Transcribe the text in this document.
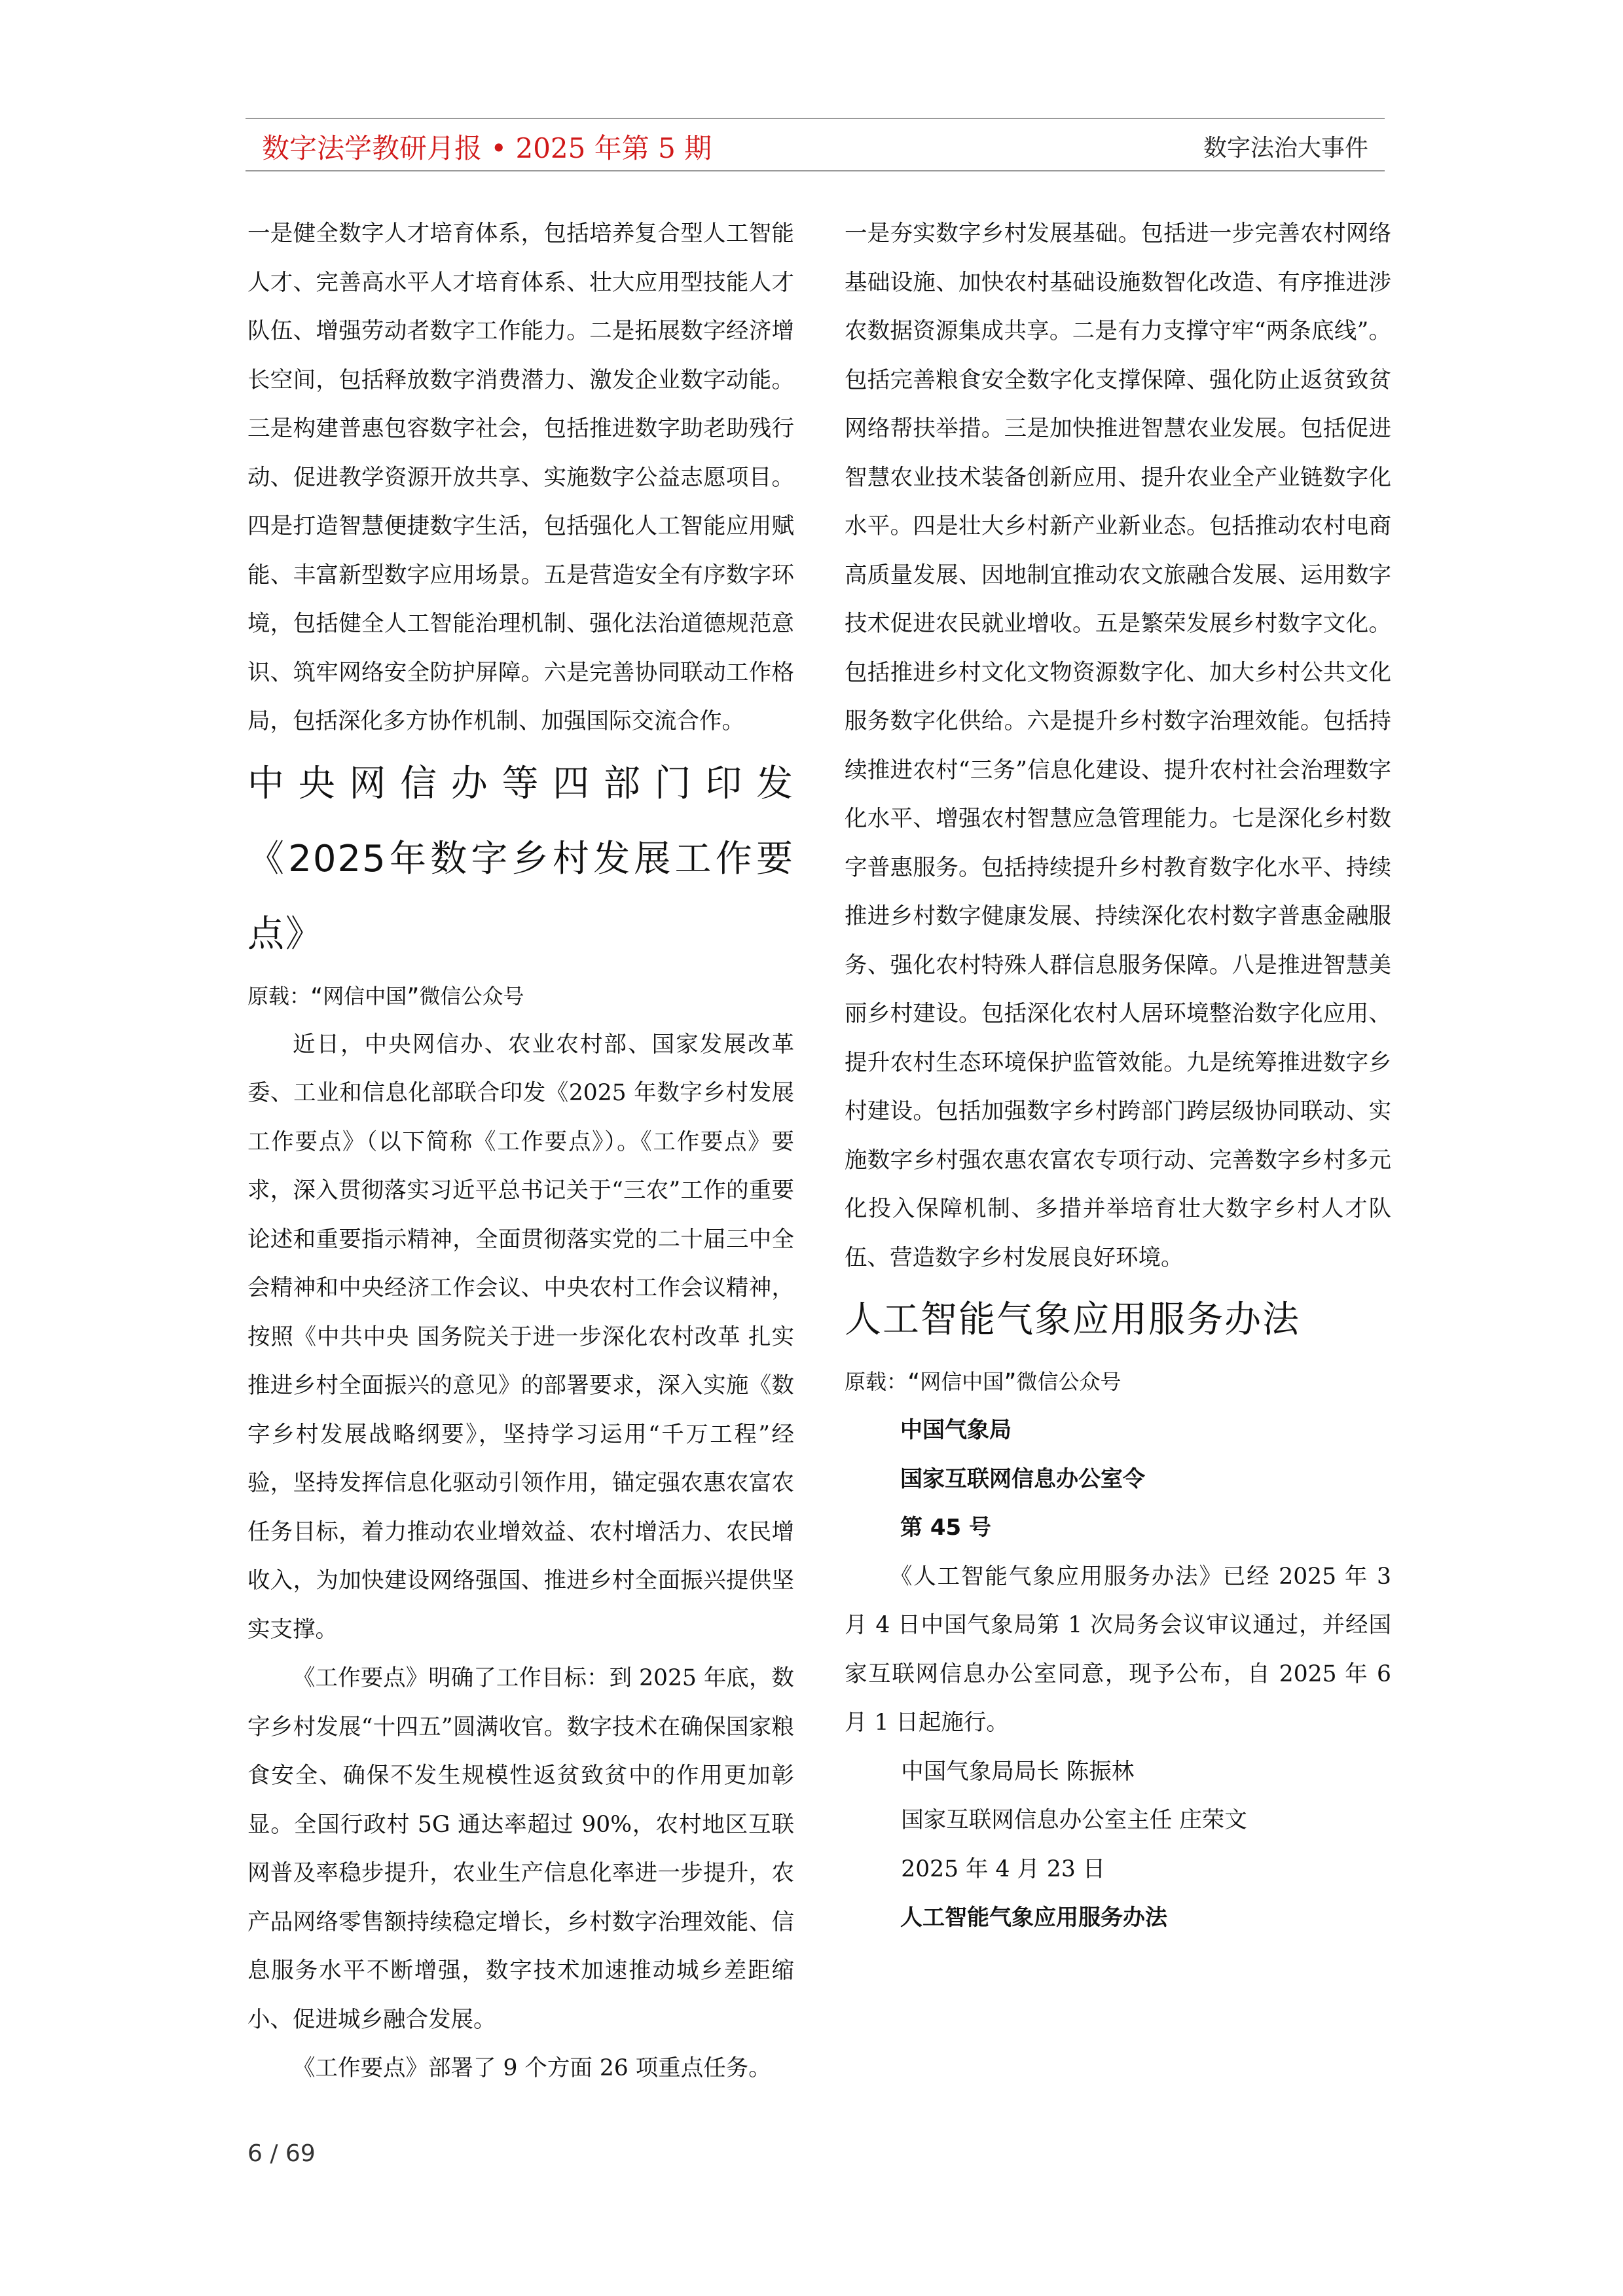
数字法学教研月报 • 2025 年第 5 期	数字法治大事件

一是健全数字人才培育体系，包括培养复合型人工智能人才、完善高水平人才培育体系、壮大应用型技能人才队伍、增强劳动者数字工作能力。二是拓展数字经济增长空间，包括释放数字消费潜力、激发企业数字动能。三是构建普惠包容数字社会，包括推进数字助老助残行动、促进教学资源开放共享、实施数字公益志愿项目。四是打造智慧便捷数字生活，包括强化人工智能应用赋能、丰富新型数字应用场景。五是营造安全有序数字环境，包括健全人工智能治理机制、强化法治道德规范意识、筑牢网络安全防护屏障。六是完善协同联动工作格局，包括深化多方协作机制、加强国际交流合作。

中央网信办等四部门印发《2025年数字乡村发展工作要点》

原载：“网信中国”微信公众号

近日，中央网信办、农业农村部、国家发展改革委、工业和信息化部联合印发《2025 年数字乡村发展工作要点》（以下简称《工作要点》）。《工作要点》要求，深入贯彻落实习近平总书记关于“三农”工作的重要论述和重要指示精神，全面贯彻落实党的二十届三中全会精神和中央经济工作会议、中央农村工作会议精神，按照《中共中央 国务院关于进一步深化农村改革 扎实推进乡村全面振兴的意见》的部署要求，深入实施《数字乡村发展战略纲要》，坚持学习运用“千万工程”经验，坚持发挥信息化驱动引领作用，锚定强农惠农富农任务目标，着力推动农业增效益、农村增活力、农民增收入，为加快建设网络强国、推进乡村全面振兴提供坚实支撑。

《工作要点》明确了工作目标：到 2025 年底，数字乡村发展“十四五”圆满收官。数字技术在确保国家粮食安全、确保不发生规模性返贫致贫中的作用更加彰显。全国行政村 5G 通达率超过 90%，农村地区互联网普及率稳步提升，农业生产信息化率进一步提升，农产品网络零售额持续稳定增长，乡村数字治理效能、信息服务水平不断增强，数字技术加速推动城乡差距缩小、促进城乡融合发展。

《工作要点》部署了 9 个方面 26 项重点任务。

一是夯实数字乡村发展基础。包括进一步完善农村网络基础设施、加快农村基础设施数智化改造、有序推进涉农数据资源集成共享。二是有力支撑守牢“两条底线”。包括完善粮食安全数字化支撑保障、强化防止返贫致贫网络帮扶举措。三是加快推进智慧农业发展。包括促进智慧农业技术装备创新应用、提升农业全产业链数字化水平。四是壮大乡村新产业新业态。包括推动农村电商高质量发展、因地制宜推动农文旅融合发展、运用数字技术促进农民就业增收。五是繁荣发展乡村数字文化。包括推进乡村文化文物资源数字化、加大乡村公共文化服务数字化供给。六是提升乡村数字治理效能。包括持续推进农村“三务”信息化建设、提升农村社会治理数字化水平、增强农村智慧应急管理能力。七是深化乡村数字普惠服务。包括持续提升乡村教育数字化水平、持续推进乡村数字健康发展、持续深化农村数字普惠金融服务、强化农村特殊人群信息服务保障。八是推进智慧美丽乡村建设。包括深化农村人居环境整治数字化应用、提升农村生态环境保护监管效能。九是统筹推进数字乡村建设。包括加强数字乡村跨部门跨层级协同联动、实施数字乡村强农惠农富农专项行动、完善数字乡村多元化投入保障机制、多措并举培育壮大数字乡村人才队伍、营造数字乡村发展良好环境。

人工智能气象应用服务办法

原载：“网信中国”微信公众号

中国气象局

国家互联网信息办公室令

第 45 号

《人工智能气象应用服务办法》已经 2025 年 3 月 4 日中国气象局第 1 次局务会议审议通过，并经国家互联网信息办公室同意，现予公布，自 2025 年 6 月 1 日起施行。

中国气象局局长 陈振林

国家互联网信息办公室主任 庄荣文

2025 年 4 月 23 日

人工智能气象应用服务办法

6 / 69
